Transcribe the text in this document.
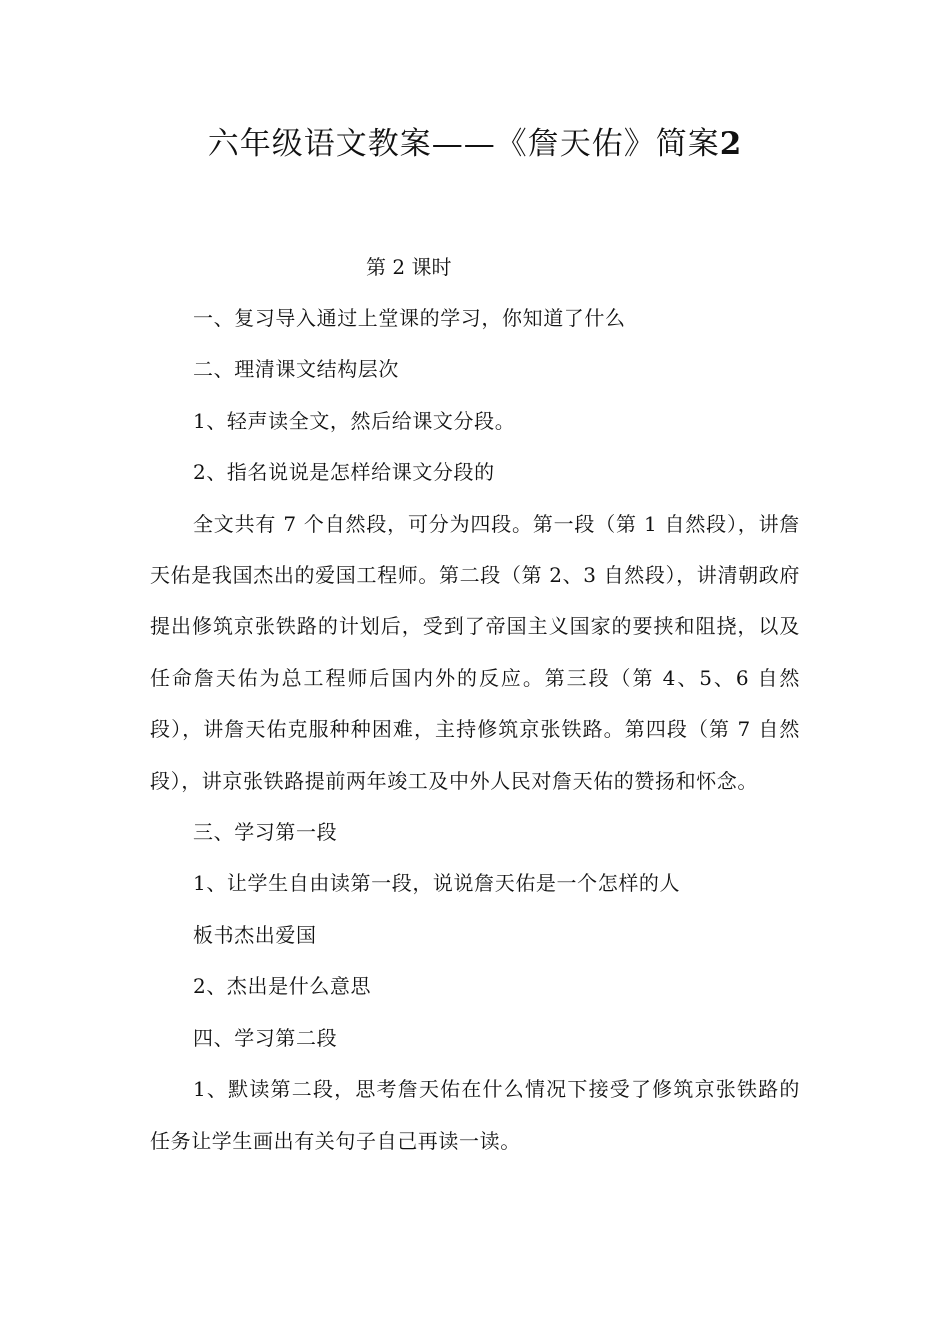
六年级语文教案——《詹天佑》简案2
第 2 课时

一、复习导入通过上堂课的学习，你知道了什么

二、理清课文结构层次

1、轻声读全文，然后给课文分段。

2、指名说说是怎样给课文分段的

全文共有 7 个自然段，可分为四段。第一段（第 1 自然段），讲詹天佑是我国杰出的爱国工程师。第二段（第 2、3 自然段），讲清朝政府提出修筑京张铁路的计划后，受到了帝国主义国家的要挟和阻挠，以及任命詹天佑为总工程师后国内外的反应。第三段（第 4、5、6 自然段），讲詹天佑克服种种困难，主持修筑京张铁路。第四段（第 7 自然段），讲京张铁路提前两年竣工及中外人民对詹天佑的赞扬和怀念。

三、学习第一段

1、让学生自由读第一段，说说詹天佑是一个怎样的人

板书杰出爱国

2、杰出是什么意思

四、学习第二段

1、默读第二段，思考詹天佑在什么情况下接受了修筑京张铁路的任务让学生画出有关句子自己再读一读。
